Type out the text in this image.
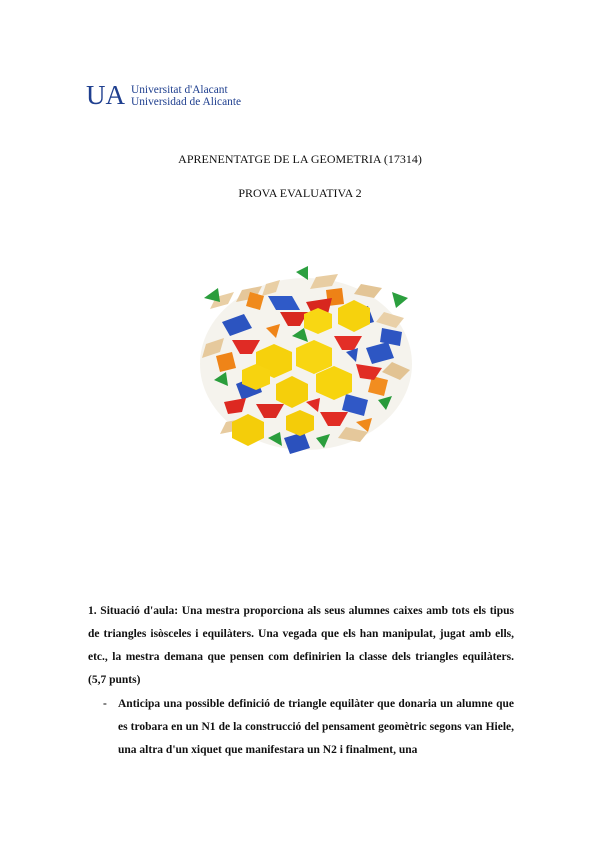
UA Universitat d'Alacant
Universidad de Alicante
APRENENTATGE DE LA GEOMETRIA (17314)
PROVA EVALUATIVA 2
1. Situació d'aula: Una mestra proporciona als seus alumnes caixes amb tots els tipus de triangles isòsceles i equilàters. Una vegada que els han manipulat, jugat amb ells, etc., la mestra demana que pensen com definirien la classe dels triangles equilàters. (5,7 punts)
- Anticipa una possible definició de triangle equilàter que donaria un alumne que es trobara en un N1 de la construcció del pensament geomètric segons van Hiele, una altra d'un xiquet que manifestara un N2 i finalment, una
